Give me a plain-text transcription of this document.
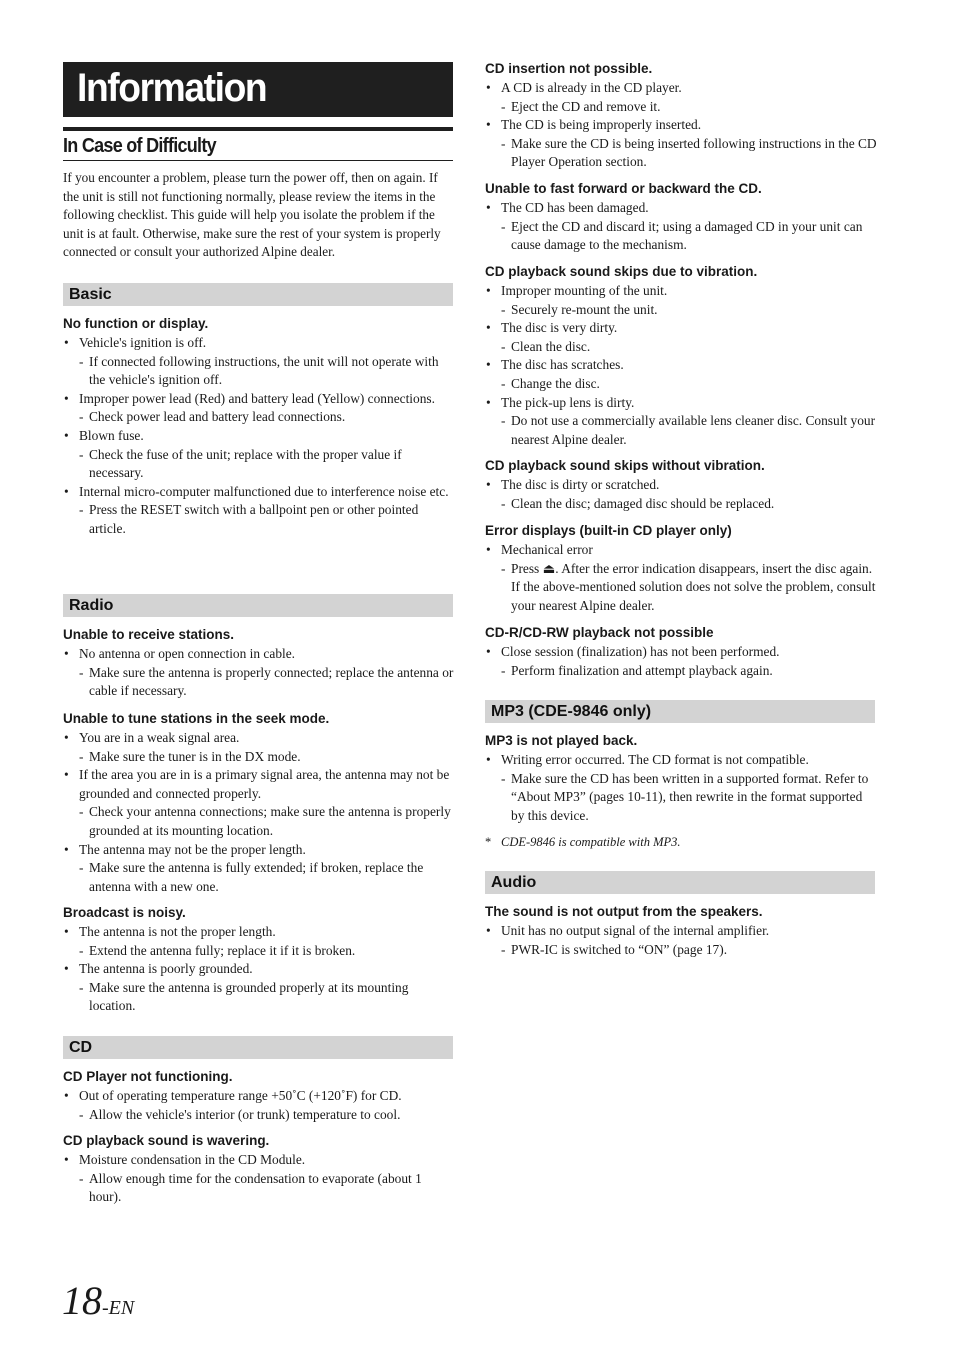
Information
In Case of Difficulty

If you encounter a problem, please turn the power off, then on again. If the unit is still not functioning normally, please review the items in the following checklist. This guide will help you isolate the problem if the unit is at fault. Otherwise, make sure the rest of your system is properly connected or consult your authorized Alpine dealer.

Basic

No function or display.

• Vehicle's ignition is off.

- If connected following instructions, the unit will not operate with the vehicle's ignition off.

• Improper power lead (Red) and battery lead (Yellow) connections.

- Check power lead and battery lead connections.

• Blown fuse.

- Check the fuse of the unit; replace with the proper value if necessary.

• Internal micro-computer malfunctioned due to interference noise etc.

- Press the RESET switch with a ballpoint pen or other pointed article.

Radio

Unable to receive stations.

• No antenna or open connection in cable.

- Make sure the antenna is properly connected; replace the antenna or cable if necessary.

Unable to tune stations in the seek mode.

• You are in a weak signal area.

- Make sure the tuner is in the DX mode.

• If the area you are in is a primary signal area, the antenna may not be grounded and connected properly.

- Check your antenna connections; make sure the antenna is properly grounded at its mounting location.

• The antenna may not be the proper length.

- Make sure the antenna is fully extended; if broken, replace the antenna with a new one.

Broadcast is noisy.

• The antenna is not the proper length.

- Extend the antenna fully; replace it if it is broken.

• The antenna is poorly grounded.

- Make sure the antenna is grounded properly at its mounting location.

CD

CD Player not functioning.

• Out of operating temperature range +50˚C (+120˚F) for CD.

- Allow the vehicle's interior (or trunk) temperature to cool.

CD playback sound is wavering.

• Moisture condensation in the CD Module.

- Allow enough time for the condensation to evaporate (about 1 hour).

18-EN

CD insertion not possible.

• A CD is already in the CD player.

- Eject the CD and remove it.

• The CD is being improperly inserted.

- Make sure the CD is being inserted following instructions in the CD Player Operation section.

Unable to fast forward or backward the CD.

• The CD has been damaged.

- Eject the CD and discard it; using a damaged CD in your unit can cause damage to the mechanism.

CD playback sound skips due to vibration.

• Improper mounting of the unit.

- Securely re-mount the unit.

• The disc is very dirty.

- Clean the disc.

• The disc has scratches.

- Change the disc.

• The pick-up lens is dirty.

- Do not use a commercially available lens cleaner disc. Consult your nearest Alpine dealer.

CD playback sound skips without vibration.

• The disc is dirty or scratched.

- Clean the disc; damaged disc should be replaced.

Error displays (built-in CD player only)

• Mechanical error

- Press ⏏. After the error indication disappears, insert the disc again. If the above-mentioned solution does not solve the problem, consult your nearest Alpine dealer.

CD-R/CD-RW playback not possible

• Close session (finalization) has not been performed.

- Perform finalization and attempt playback again.

MP3 (CDE-9846 only)

MP3 is not played back.

• Writing error occurred. The CD format is not compatible.

- Make sure the CD has been written in a supported format. Refer to “About MP3” (pages 10-11), then rewrite in the format supported by this device.

* CDE-9846 is compatible with MP3.

Audio

The sound is not output from the speakers.

• Unit has no output signal of the internal amplifier.

- PWR-IC is switched to “ON” (page 17).
